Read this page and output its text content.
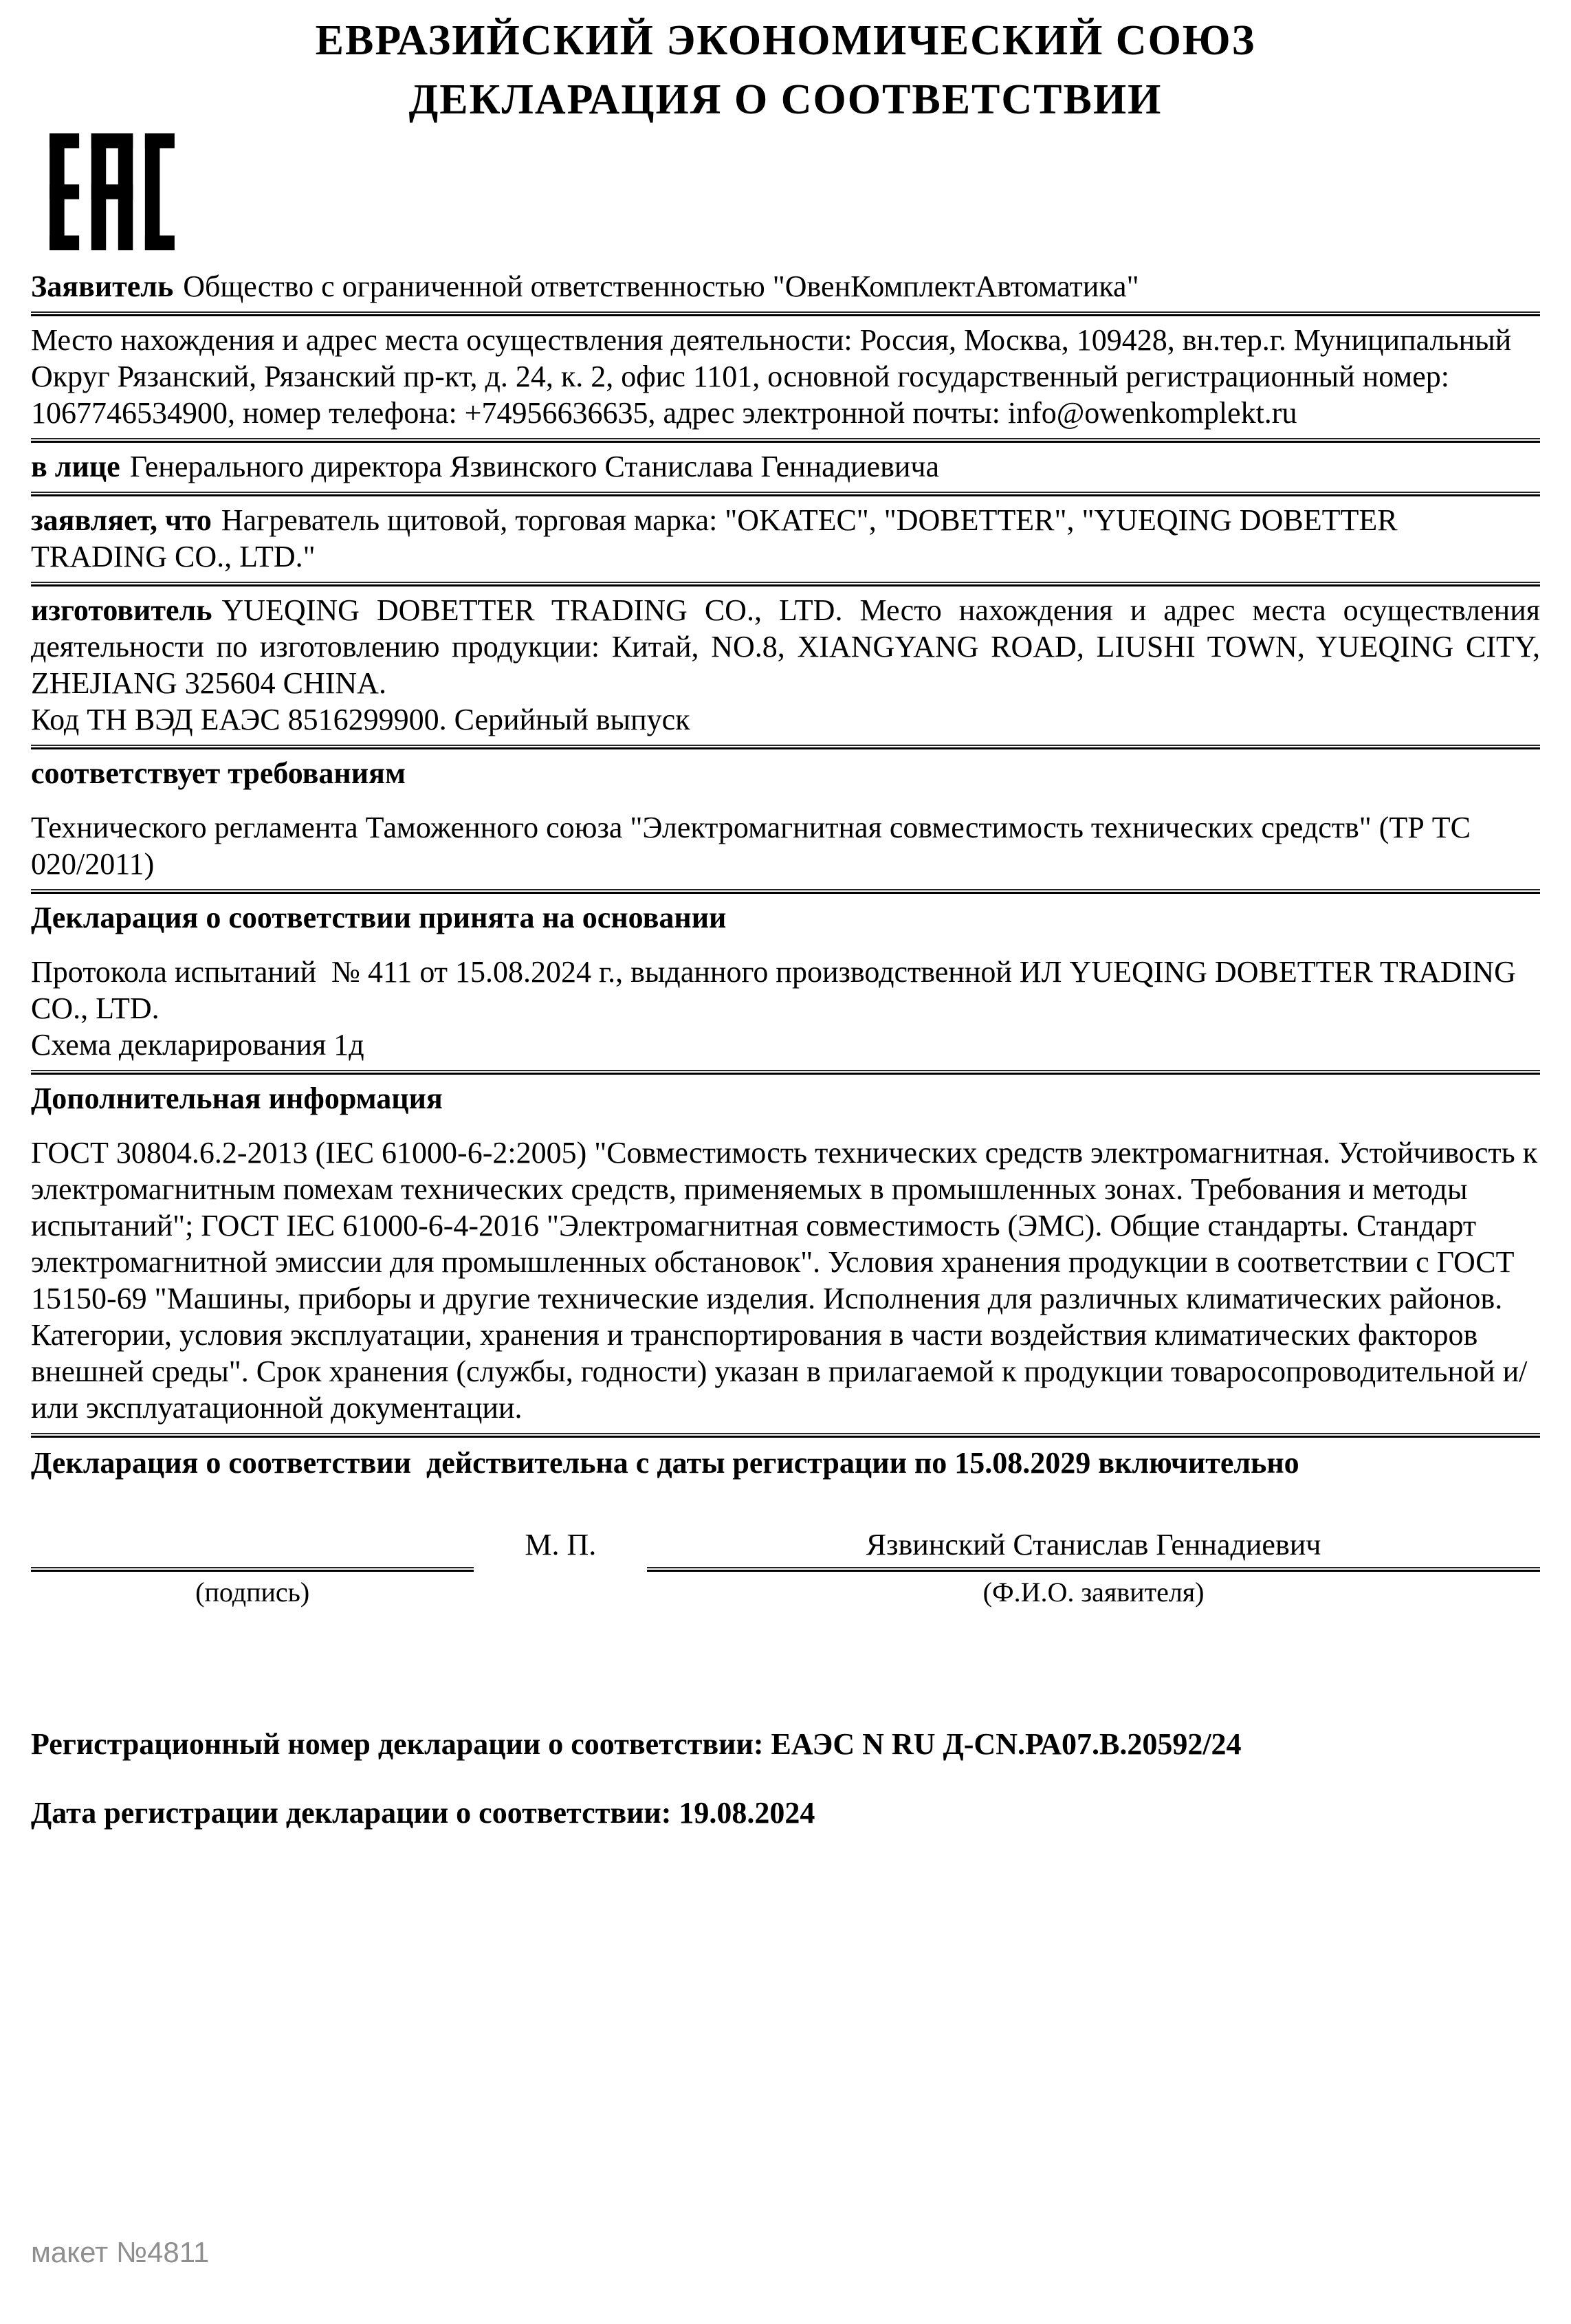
ЕВРАЗИЙСКИЙ ЭКОНОМИЧЕСКИЙ СОЮЗ
ДЕКЛАРАЦИЯ О СООТВЕТСТВИИ

Заявитель Общество с ограниченной ответственностью "ОвенКомплектАвтоматика"

Место нахождения и адрес места осуществления деятельности: Россия, Москва, 109428, вн.тер.г. Муниципальный Округ Рязанский, Рязанский пр-кт, д. 24, к. 2, офис 1101, основной государственный регистрационный номер: 1067746534900, номер телефона: +74956636635, адрес электронной почты: info@owenkomplekt.ru

в лице Генерального директора Язвинского Станислава Геннадиевича

заявляет, что Нагреватель щитовой, торговая марка: "OKATEC", "DOBETTER", "YUEQING DOBETTER TRADING CO., LTD."

изготовитель YUEQING DOBETTER TRADING CO., LTD. Место нахождения и адрес места осуществления деятельности по изготовлению продукции: Китай, NO.8, XIANGYANG ROAD, LIUSHI TOWN, YUEQING CITY, ZHEJIANG 325604 CHINA.

Код ТН ВЭД ЕАЭС 8516299900. Серийный выпуск

соответствует требованиям

Технического регламента Таможенного союза "Электромагнитная совместимость технических средств" (ТР ТС 020/2011)

Декларация о соответствии принята на основании

Протокола испытаний  № 411 от 15.08.2024 г., выданного производственной ИЛ YUEQING DOBETTER TRADING CO., LTD.

Схема декларирования 1д

Дополнительная информация

ГОСТ 30804.6.2-2013 (IEC 61000-6-2:2005) "Совместимость технических средств электромагнитная. Устойчивость к электромагнитным помехам технических средств, применяемых в промышленных зонах. Требования и методы испытаний"; ГОСТ IEC 61000-6-4-2016 "Электромагнитная совместимость (ЭМС). Общие стандарты. Стандарт электромагнитной эмиссии для промышленных обстановок". Условия хранения продукции в соответствии с ГОСТ 15150-69 "Машины, приборы и другие технические изделия. Исполнения для различных климатических районов. Категории, условия эксплуатации, хранения и транспортирования в части воздействия климатических факторов внешней среды". Срок хранения (службы, годности) указан в прилагаемой к продукции товаросопроводительной и/или эксплуатационной документации.

Декларация о соответствии  действительна с даты регистрации по 15.08.2029 включительно

(подпись)
М. П.	Язвинский Станислав Геннадиевич
(Ф.И.О. заявителя)

Регистрационный номер декларации о соответствии: ЕАЭС N RU Д-CN.РА07.В.20592/24

Дата регистрации декларации о соответствии: 19.08.2024

макет №4811
